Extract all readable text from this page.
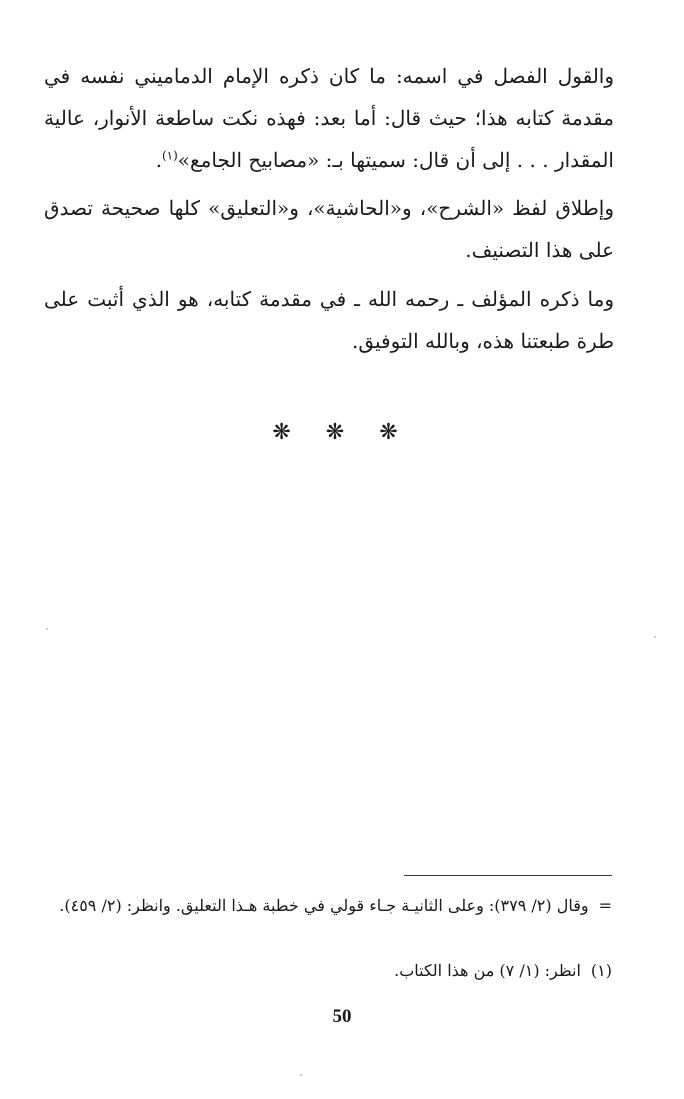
والقول الفصل في اسمه: ما كان ذكره الإمام الدماميني نفسه في مقدمة كتابه هذا؛ حيث قال: أما بعد: فهذه نكت ساطعة الأنوار، عالية المقدار . . . إلى أن قال: سميتها بـ: «مصابيح الجامع»$^{(١)}$.

وإطلاق لفظ «الشرح»، و«الحاشية»، و«التعليق» كلها صحيحة تصدق على هذا التصنيف.

وما ذكره المؤلف ـ رحمه الله ـ في مقدمة كتابه، هو الذي أثبت على طرة طبعتنا هذه، وبالله التوفيق.

❋ ❋ ❋

=وقال (٢/ ٣٧٩): وعلى الثانيـة جـاء قولي في خطبة هـذا التعليق. وانظر: (٢/ ٤٥٩).

(١)انظر: (١/ ٧) من هذا الكتاب.

50
